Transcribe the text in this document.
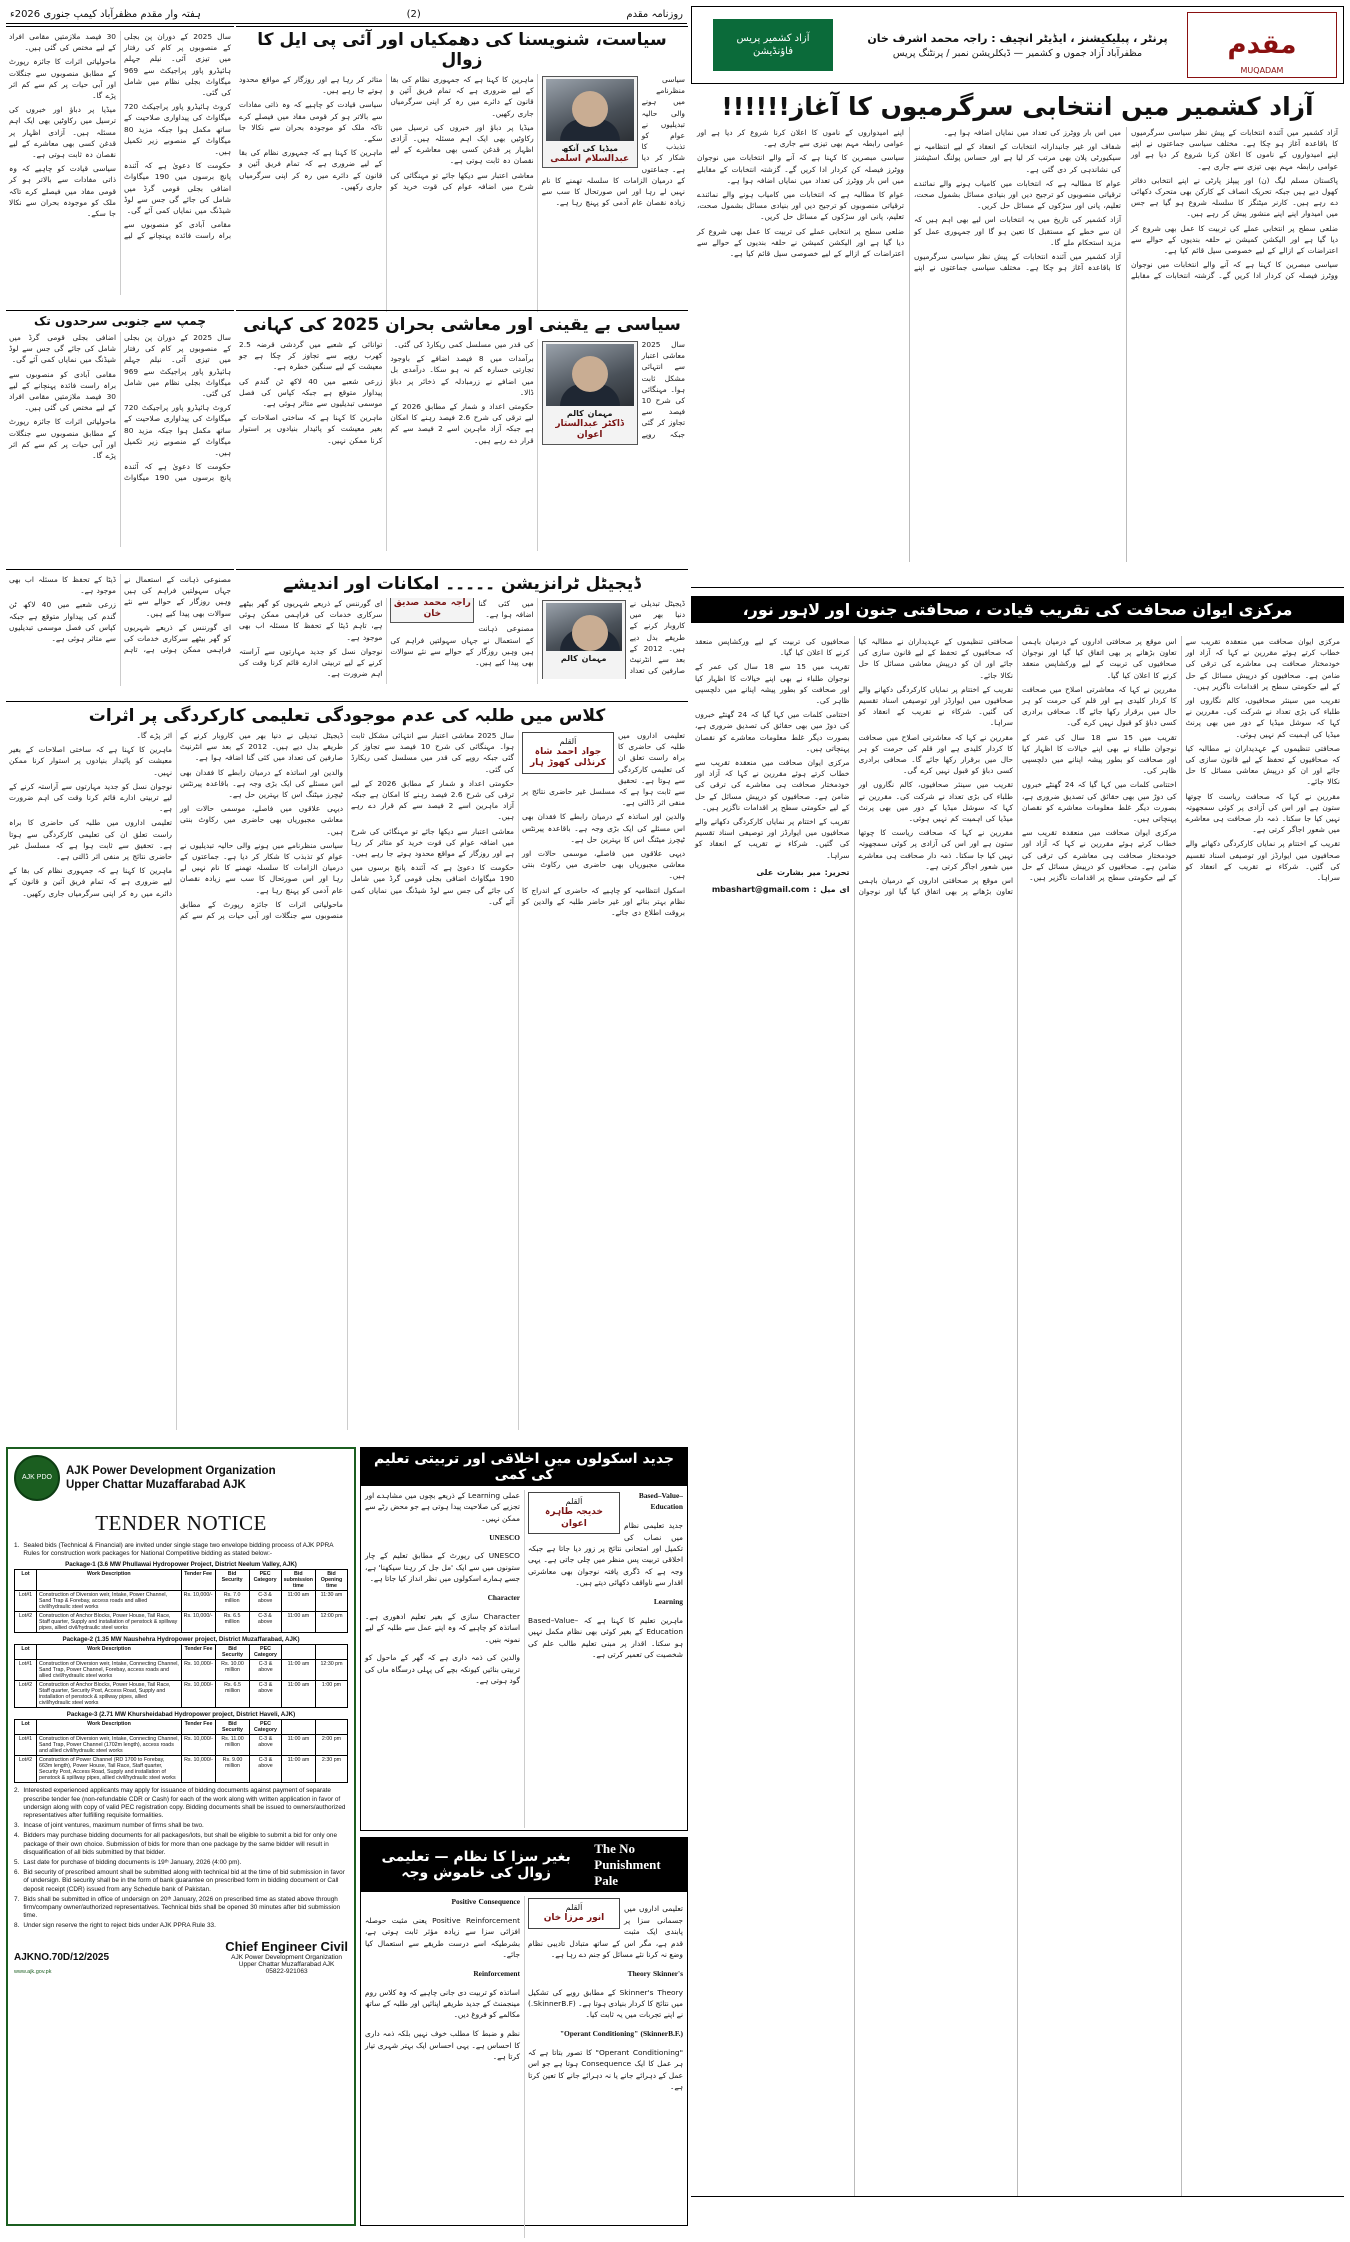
روزنامہ مقدم
(2)
ہفتہ وار مقدم مظفرآباد کیمپ جنوری 2026ء
آزاد کشمیر پریس فاؤنڈیشن
پرنٹر ، پبلیکیشنز ، ایڈیٹر انچیف : راجہ محمد اشرف خان
مظفرآباد آزاد جموں و کشمیر — ڈیکلریشن نمبر / پرنٹنگ پریس	مقدم
MUQADAM
آزاد کشمیر میں انتخابی سرگرمیوں کا آغاز!!!!!!

آزاد کشمیر میں آئندہ انتخابات کے پیش نظر سیاسی سرگرمیوں کا باقاعدہ آغاز ہو چکا ہے۔ مختلف سیاسی جماعتوں نے اپنے اپنے امیدواروں کے ناموں کا اعلان کرنا شروع کر دیا ہے اور عوامی رابطہ مہم بھی تیزی سے جاری ہے۔

پاکستان مسلم لیگ (ن) اور پیپلز پارٹی نے اپنے انتخابی دفاتر کھول دیے ہیں جبکہ تحریک انصاف کے کارکن بھی متحرک دکھائی دے رہے ہیں۔ کارنر میٹنگز کا سلسلہ شروع ہو گیا ہے جس میں امیدوار اپنے اپنے منشور پیش کر رہے ہیں۔

ضلعی سطح پر انتخابی عملے کی تربیت کا عمل بھی شروع کر دیا گیا ہے اور الیکشن کمیشن نے حلقہ بندیوں کے حوالے سے اعتراضات کے ازالے کے لیے خصوصی سیل قائم کیا ہے۔

سیاسی مبصرین کا کہنا ہے کہ آنے والے انتخابات میں نوجوان ووٹرز فیصلہ کن کردار ادا کریں گے۔ گزشتہ انتخابات کے مقابلے میں اس بار ووٹرز کی تعداد میں نمایاں اضافہ ہوا ہے۔

شفاف اور غیر جانبدارانہ انتخابات کے انعقاد کے لیے انتظامیہ نے سیکیورٹی پلان بھی مرتب کر لیا ہے اور حساس پولنگ اسٹیشنز کی نشاندہی کر دی گئی ہے۔

عوام کا مطالبہ ہے کہ انتخابات میں کامیاب ہونے والے نمائندے ترقیاتی منصوبوں کو ترجیح دیں اور بنیادی مسائل بشمول صحت، تعلیم، پانی اور سڑکوں کے مسائل حل کریں۔

آزاد کشمیر کی تاریخ میں یہ انتخابات اس لیے بھی اہم ہیں کہ ان سے خطے کے مستقبل کا تعین ہو گا اور جمہوری عمل کو مزید استحکام ملے گا۔

آزاد کشمیر میں آئندہ انتخابات کے پیش نظر سیاسی سرگرمیوں کا باقاعدہ آغاز ہو چکا ہے۔ مختلف سیاسی جماعتوں نے اپنے اپنے امیدواروں کے ناموں کا اعلان کرنا شروع کر دیا ہے اور عوامی رابطہ مہم بھی تیزی سے جاری ہے۔

سیاسی مبصرین کا کہنا ہے کہ آنے والے انتخابات میں نوجوان ووٹرز فیصلہ کن کردار ادا کریں گے۔ گزشتہ انتخابات کے مقابلے میں اس بار ووٹرز کی تعداد میں نمایاں اضافہ ہوا ہے۔

عوام کا مطالبہ ہے کہ انتخابات میں کامیاب ہونے والے نمائندے ترقیاتی منصوبوں کو ترجیح دیں اور بنیادی مسائل بشمول صحت، تعلیم، پانی اور سڑکوں کے مسائل حل کریں۔

ضلعی سطح پر انتخابی عملے کی تربیت کا عمل بھی شروع کر دیا گیا ہے اور الیکشن کمیشن نے حلقہ بندیوں کے حوالے سے اعتراضات کے ازالے کے لیے خصوصی سیل قائم کیا ہے۔

مرکزی ایوان صحافت کی تقریب قیادت ، صحافتی جنون اور لاہور نور،

مرکزی ایوان صحافت میں منعقدہ تقریب سے خطاب کرتے ہوئے مقررین نے کہا کہ آزاد اور خودمختار صحافت ہی معاشرے کی ترقی کی ضامن ہے۔ صحافیوں کو درپیش مسائل کے حل کے لیے حکومتی سطح پر اقدامات ناگزیر ہیں۔

تقریب میں سینئر صحافیوں، کالم نگاروں اور طلباء کی بڑی تعداد نے شرکت کی۔ مقررین نے کہا کہ سوشل میڈیا کے دور میں بھی پرنٹ میڈیا کی اہمیت کم نہیں ہوئی۔

صحافتی تنظیموں کے عہدیداران نے مطالبہ کیا کہ صحافیوں کے تحفظ کے لیے قانون سازی کی جائے اور ان کو درپیش معاشی مسائل کا حل نکالا جائے۔

مقررین نے کہا کہ صحافت ریاست کا چوتھا ستون ہے اور اس کی آزادی پر کوئی سمجھوتہ نہیں کیا جا سکتا۔ ذمہ دار صحافت ہی معاشرے میں شعور اجاگر کرتی ہے۔

تقریب کے اختتام پر نمایاں کارکردگی دکھانے والے صحافیوں میں ایوارڈز اور توصیفی اسناد تقسیم کی گئیں۔ شرکاء نے تقریب کے انعقاد کو سراہا۔

اس موقع پر صحافتی اداروں کے درمیان باہمی تعاون بڑھانے پر بھی اتفاق کیا گیا اور نوجوان صحافیوں کی تربیت کے لیے ورکشاپس منعقد کرنے کا اعلان کیا گیا۔

مقررین نے کہا کہ معاشرتی اصلاح میں صحافت کا کردار کلیدی ہے اور قلم کی حرمت کو ہر حال میں برقرار رکھا جائے گا۔ صحافی برادری کسی دباؤ کو قبول نہیں کرے گی۔

تقریب میں 15 سے 18 سال کی عمر کے نوجوان طلباء نے بھی اپنے خیالات کا اظہار کیا اور صحافت کو بطور پیشہ اپنانے میں دلچسپی ظاہر کی۔

اختتامی کلمات میں کہا گیا کہ 24 گھنٹے خبروں کی دوڑ میں بھی حقائق کی تصدیق ضروری ہے، بصورت دیگر غلط معلومات معاشرے کو نقصان پہنچاتی ہیں۔

مرکزی ایوان صحافت میں منعقدہ تقریب سے خطاب کرتے ہوئے مقررین نے کہا کہ آزاد اور خودمختار صحافت ہی معاشرے کی ترقی کی ضامن ہے۔ صحافیوں کو درپیش مسائل کے حل کے لیے حکومتی سطح پر اقدامات ناگزیر ہیں۔

صحافتی تنظیموں کے عہدیداران نے مطالبہ کیا کہ صحافیوں کے تحفظ کے لیے قانون سازی کی جائے اور ان کو درپیش معاشی مسائل کا حل نکالا جائے۔

تقریب کے اختتام پر نمایاں کارکردگی دکھانے والے صحافیوں میں ایوارڈز اور توصیفی اسناد تقسیم کی گئیں۔ شرکاء نے تقریب کے انعقاد کو سراہا۔

مقررین نے کہا کہ معاشرتی اصلاح میں صحافت کا کردار کلیدی ہے اور قلم کی حرمت کو ہر حال میں برقرار رکھا جائے گا۔ صحافی برادری کسی دباؤ کو قبول نہیں کرے گی۔

تقریب میں سینئر صحافیوں، کالم نگاروں اور طلباء کی بڑی تعداد نے شرکت کی۔ مقررین نے کہا کہ سوشل میڈیا کے دور میں بھی پرنٹ میڈیا کی اہمیت کم نہیں ہوئی۔

مقررین نے کہا کہ صحافت ریاست کا چوتھا ستون ہے اور اس کی آزادی پر کوئی سمجھوتہ نہیں کیا جا سکتا۔ ذمہ دار صحافت ہی معاشرے میں شعور اجاگر کرتی ہے۔

اس موقع پر صحافتی اداروں کے درمیان باہمی تعاون بڑھانے پر بھی اتفاق کیا گیا اور نوجوان صحافیوں کی تربیت کے لیے ورکشاپس منعقد کرنے کا اعلان کیا گیا۔

تقریب میں 15 سے 18 سال کی عمر کے نوجوان طلباء نے بھی اپنے خیالات کا اظہار کیا اور صحافت کو بطور پیشہ اپنانے میں دلچسپی ظاہر کی۔

اختتامی کلمات میں کہا گیا کہ 24 گھنٹے خبروں کی دوڑ میں بھی حقائق کی تصدیق ضروری ہے، بصورت دیگر غلط معلومات معاشرے کو نقصان پہنچاتی ہیں۔

مرکزی ایوان صحافت میں منعقدہ تقریب سے خطاب کرتے ہوئے مقررین نے کہا کہ آزاد اور خودمختار صحافت ہی معاشرے کی ترقی کی ضامن ہے۔ صحافیوں کو درپیش مسائل کے حل کے لیے حکومتی سطح پر اقدامات ناگزیر ہیں۔

تقریب کے اختتام پر نمایاں کارکردگی دکھانے والے صحافیوں میں ایوارڈز اور توصیفی اسناد تقسیم کی گئیں۔ شرکاء نے تقریب کے انعقاد کو سراہا۔

تحریر: میر بشارت علی
ای میل : mbashart@gmail.com
سیاست، شنویسنا کی دھمکیاں اور آئی پی ایل کا زوال
میڈیا کی آنکھ
عبدالسلام اسلمی

سیاسی منظرنامے میں ہونے والی حالیہ تبدیلیوں نے عوام کو تذبذب کا شکار کر دیا ہے۔ جماعتوں کے درمیان الزامات کا سلسلہ تھمنے کا نام نہیں لے رہا اور اس صورتحال کا سب سے زیادہ نقصان عام آدمی کو پہنچ رہا ہے۔

ماہرین کا کہنا ہے کہ جمہوری نظام کی بقا کے لیے ضروری ہے کہ تمام فریق آئین و قانون کے دائرے میں رہ کر اپنی سرگرمیاں جاری رکھیں۔

میڈیا پر دباؤ اور خبروں کی ترسیل میں رکاوٹیں بھی ایک اہم مسئلہ ہیں۔ آزادی اظہار پر قدغن کسی بھی معاشرے کے لیے نقصان دہ ثابت ہوتی ہے۔

معاشی اعتبار سے دیکھا جائے تو مہنگائی کی شرح میں اضافہ عوام کی قوت خرید کو متاثر کر رہا ہے اور روزگار کے مواقع محدود ہوتے جا رہے ہیں۔

سیاسی قیادت کو چاہیے کہ وہ ذاتی مفادات سے بالاتر ہو کر قومی مفاد میں فیصلے کرے تاکہ ملک کو موجودہ بحران سے نکالا جا سکے۔

ماہرین کا کہنا ہے کہ جمہوری نظام کی بقا کے لیے ضروری ہے کہ تمام فریق آئین و قانون کے دائرے میں رہ کر اپنی سرگرمیاں جاری رکھیں۔

سال 2025 کے دوران پن بجلی کے منصوبوں پر کام کی رفتار میں تیزی آئی۔ نیلم جہلم ہائیڈرو پاور پراجیکٹ سے 969 میگاواٹ بجلی نظام میں شامل کی گئی۔

کروٹ ہائیڈرو پاور پراجیکٹ 720 میگاواٹ کی پیداواری صلاحیت کے ساتھ مکمل ہوا جبکہ مزید 80 میگاواٹ کے منصوبے زیر تکمیل ہیں۔

حکومت کا دعویٰ ہے کہ آئندہ پانچ برسوں میں 190 میگاواٹ اضافی بجلی قومی گرڈ میں شامل کی جائے گی جس سے لوڈ شیڈنگ میں نمایاں کمی آئے گی۔

مقامی آبادی کو منصوبوں سے براہ راست فائدہ پہنچانے کے لیے 30 فیصد ملازمتیں مقامی افراد کے لیے مختص کی گئی ہیں۔

ماحولیاتی اثرات کا جائزہ رپورٹ کے مطابق منصوبوں سے جنگلات اور آبی حیات پر کم سے کم اثر پڑے گا۔

میڈیا پر دباؤ اور خبروں کی ترسیل میں رکاوٹیں بھی ایک اہم مسئلہ ہیں۔ آزادی اظہار پر قدغن کسی بھی معاشرے کے لیے نقصان دہ ثابت ہوتی ہے۔

سیاسی قیادت کو چاہیے کہ وہ ذاتی مفادات سے بالاتر ہو کر قومی مفاد میں فیصلے کرے تاکہ ملک کو موجودہ بحران سے نکالا جا سکے۔

سیاسی بے یقینی اور معاشی بحران 2025 کی کہانی
مہمان کالم
ڈاکٹر عبدالستار اعوان

سال 2025 معاشی اعتبار سے انتہائی مشکل ثابت ہوا۔ مہنگائی کی شرح 10 فیصد سے تجاوز کر گئی جبکہ روپے کی قدر میں مسلسل کمی ریکارڈ کی گئی۔

برآمدات میں 8 فیصد اضافے کے باوجود تجارتی خسارہ کم نہ ہو سکا۔ درآمدی بل میں اضافے نے زرمبادلہ کے ذخائر پر دباؤ ڈالا۔

حکومتی اعداد و شمار کے مطابق 2026 کے لیے ترقی کی شرح 2.6 فیصد رہنے کا امکان ہے جبکہ آزاد ماہرین اسے 2 فیصد سے کم قرار دے رہے ہیں۔

توانائی کے شعبے میں گردشی قرضہ 2.5 کھرب روپے سے تجاوز کر چکا ہے جو معیشت کے لیے سنگین خطرہ ہے۔

زرعی شعبے میں 40 لاکھ ٹن گندم کی پیداوار متوقع ہے جبکہ کپاس کی فصل موسمی تبدیلیوں سے متاثر ہوئی ہے۔

ماہرین کا کہنا ہے کہ ساختی اصلاحات کے بغیر معیشت کو پائیدار بنیادوں پر استوار کرنا ممکن نہیں۔

چمپ سے جنوبی سرحدوں تک

سال 2025 کے دوران پن بجلی کے منصوبوں پر کام کی رفتار میں تیزی آئی۔ نیلم جہلم ہائیڈرو پاور پراجیکٹ سے 969 میگاواٹ بجلی نظام میں شامل کی گئی۔

کروٹ ہائیڈرو پاور پراجیکٹ 720 میگاواٹ کی پیداواری صلاحیت کے ساتھ مکمل ہوا جبکہ مزید 80 میگاواٹ کے منصوبے زیر تکمیل ہیں۔

حکومت کا دعویٰ ہے کہ آئندہ پانچ برسوں میں 190 میگاواٹ اضافی بجلی قومی گرڈ میں شامل کی جائے گی جس سے لوڈ شیڈنگ میں نمایاں کمی آئے گی۔

مقامی آبادی کو منصوبوں سے براہ راست فائدہ پہنچانے کے لیے 30 فیصد ملازمتیں مقامی افراد کے لیے مختص کی گئی ہیں۔

ماحولیاتی اثرات کا جائزہ رپورٹ کے مطابق منصوبوں سے جنگلات اور آبی حیات پر کم سے کم اثر پڑے گا۔

ڈیجیٹل ٹرانزیشن ۔۔۔۔۔ امکانات اور اندیشے
مہمان کالم
راجہ محمد صدیق خان

ڈیجیٹل تبدیلی نے دنیا بھر میں کاروبار کرنے کے طریقے بدل دیے ہیں۔ 2012 کے بعد سے انٹرنیٹ صارفین کی تعداد میں کئی گنا اضافہ ہوا ہے۔

مصنوعی ذہانت کے استعمال نے جہاں سہولتیں فراہم کی ہیں وہیں روزگار کے حوالے سے نئے سوالات بھی پیدا کیے ہیں۔

ای گورننس کے ذریعے شہریوں کو گھر بیٹھے سرکاری خدمات کی فراہمی ممکن ہوئی ہے، تاہم ڈیٹا کے تحفظ کا مسئلہ اب بھی موجود ہے۔

نوجوان نسل کو جدید مہارتوں سے آراستہ کرنے کے لیے تربیتی ادارے قائم کرنا وقت کی اہم ضرورت ہے۔

مصنوعی ذہانت کے استعمال نے جہاں سہولتیں فراہم کی ہیں وہیں روزگار کے حوالے سے نئے سوالات بھی پیدا کیے ہیں۔

ای گورننس کے ذریعے شہریوں کو گھر بیٹھے سرکاری خدمات کی فراہمی ممکن ہوئی ہے، تاہم ڈیٹا کے تحفظ کا مسئلہ اب بھی موجود ہے۔

زرعی شعبے میں 40 لاکھ ٹن گندم کی پیداوار متوقع ہے جبکہ کپاس کی فصل موسمی تبدیلیوں سے متاثر ہوئی ہے۔

کلاس میں طلبہ کی عدم موجودگی تعلیمی کارکردگی پر اثرات
اَلقلم
جواد احمد شاہ کرنڈلی کھوڑ ہار

تعلیمی اداروں میں طلبہ کی حاضری کا براہ راست تعلق ان کی تعلیمی کارکردگی سے ہوتا ہے۔ تحقیق سے ثابت ہوا ہے کہ مسلسل غیر حاضری نتائج پر منفی اثر ڈالتی ہے۔

والدین اور اساتذہ کے درمیان رابطے کا فقدان بھی اس مسئلے کی ایک بڑی وجہ ہے۔ باقاعدہ پیرنٹس ٹیچرز میٹنگ اس کا بہترین حل ہے۔

دیہی علاقوں میں فاصلے، موسمی حالات اور معاشی مجبوریاں بھی حاضری میں رکاوٹ بنتی ہیں۔

اسکول انتظامیہ کو چاہیے کہ حاضری کے اندراج کا نظام بہتر بنائے اور غیر حاضر طلبہ کے والدین کو بروقت اطلاع دی جائے۔

سال 2025 معاشی اعتبار سے انتہائی مشکل ثابت ہوا۔ مہنگائی کی شرح 10 فیصد سے تجاوز کر گئی جبکہ روپے کی قدر میں مسلسل کمی ریکارڈ کی گئی۔

حکومتی اعداد و شمار کے مطابق 2026 کے لیے ترقی کی شرح 2.6 فیصد رہنے کا امکان ہے جبکہ آزاد ماہرین اسے 2 فیصد سے کم قرار دے رہے ہیں۔

معاشی اعتبار سے دیکھا جائے تو مہنگائی کی شرح میں اضافہ عوام کی قوت خرید کو متاثر کر رہا ہے اور روزگار کے مواقع محدود ہوتے جا رہے ہیں۔

حکومت کا دعویٰ ہے کہ آئندہ پانچ برسوں میں 190 میگاواٹ اضافی بجلی قومی گرڈ میں شامل کی جائے گی جس سے لوڈ شیڈنگ میں نمایاں کمی آئے گی۔

ڈیجیٹل تبدیلی نے دنیا بھر میں کاروبار کرنے کے طریقے بدل دیے ہیں۔ 2012 کے بعد سے انٹرنیٹ صارفین کی تعداد میں کئی گنا اضافہ ہوا ہے۔

والدین اور اساتذہ کے درمیان رابطے کا فقدان بھی اس مسئلے کی ایک بڑی وجہ ہے۔ باقاعدہ پیرنٹس ٹیچرز میٹنگ اس کا بہترین حل ہے۔

دیہی علاقوں میں فاصلے، موسمی حالات اور معاشی مجبوریاں بھی حاضری میں رکاوٹ بنتی ہیں۔

سیاسی منظرنامے میں ہونے والی حالیہ تبدیلیوں نے عوام کو تذبذب کا شکار کر دیا ہے۔ جماعتوں کے درمیان الزامات کا سلسلہ تھمنے کا نام نہیں لے رہا اور اس صورتحال کا سب سے زیادہ نقصان عام آدمی کو پہنچ رہا ہے۔

ماحولیاتی اثرات کا جائزہ رپورٹ کے مطابق منصوبوں سے جنگلات اور آبی حیات پر کم سے کم اثر پڑے گا۔

ماہرین کا کہنا ہے کہ ساختی اصلاحات کے بغیر معیشت کو پائیدار بنیادوں پر استوار کرنا ممکن نہیں۔

نوجوان نسل کو جدید مہارتوں سے آراستہ کرنے کے لیے تربیتی ادارے قائم کرنا وقت کی اہم ضرورت ہے۔

تعلیمی اداروں میں طلبہ کی حاضری کا براہ راست تعلق ان کی تعلیمی کارکردگی سے ہوتا ہے۔ تحقیق سے ثابت ہوا ہے کہ مسلسل غیر حاضری نتائج پر منفی اثر ڈالتی ہے۔

ماہرین کا کہنا ہے کہ جمہوری نظام کی بقا کے لیے ضروری ہے کہ تمام فریق آئین و قانون کے دائرے میں رہ کر اپنی سرگرمیاں جاری رکھیں۔

جدید اسکولوں میں اخلاقی اور تربیتی تعلیم کی کمی
اَلقلم
خدیجہ طاہرہ اعوان

Based–Value–Education

جدید تعلیمی نظام میں نصاب کی تکمیل اور امتحانی نتائج پر زور دیا جاتا ہے جبکہ اخلاقی تربیت پس منظر میں چلی جاتی ہے۔ یہی وجہ ہے کہ ڈگری یافتہ نوجوان بھی معاشرتی اقدار سے ناواقف دکھائی دیتے ہیں۔

Learning

ماہرین تعلیم کا کہنا ہے کہ Based–Value–Education کے بغیر کوئی بھی نظام مکمل نہیں ہو سکتا۔ اقدار پر مبنی تعلیم طالب علم کی شخصیت کی تعمیر کرتی ہے۔

عملی Learning کے ذریعے بچوں میں مشاہدے اور تجزیے کی صلاحیت پیدا ہوتی ہے جو محض رٹے سے ممکن نہیں۔

UNESCO

UNESCO کی رپورٹ کے مطابق تعلیم کے چار ستونوں میں سے ایک 'مل جل کر رہنا سیکھنا' ہے، جسے ہمارے اسکولوں میں نظر انداز کیا جاتا ہے۔

Character

Character سازی کے بغیر تعلیم ادھوری ہے۔ اساتذہ کو چاہیے کہ وہ اپنے عمل سے طلبہ کے لیے نمونہ بنیں۔

والدین کی ذمہ داری ہے کہ گھر کے ماحول کو تربیتی بنائیں کیونکہ بچے کی پہلی درسگاہ ماں کی گود ہوتی ہے۔

The No Punishment Pale
بغیر سزا کا نظام — تعلیمی زوال کی خاموش وجہ
اَلقلم
انور مرزا خان

تعلیمی اداروں میں جسمانی سزا پر پابندی ایک مثبت قدم ہے، مگر اس کے ساتھ متبادل تادیبی نظام وضع نہ کرنا نئے مسائل کو جنم دے رہا ہے۔

Skinner's

Theory

Skinner's Theory کے مطابق رویے کی تشکیل میں نتائج کا کردار بنیادی ہوتا ہے۔ (SkinnerB.F.) نے اپنے تجربات میں یہ ثابت کیا۔

(SkinnerB.F.)

"Operant Conditioning"

"Operant Conditioning" کا تصور بتاتا ہے کہ ہر عمل کا ایک Consequence ہوتا ہے جو اس عمل کے دہرائے جانے یا نہ دہرائے جانے کا تعین کرتا ہے۔

Consequence

Positive

Positive Reinforcement یعنی مثبت حوصلہ افزائی سزا سے زیادہ مؤثر ثابت ہوتی ہے، بشرطیکہ اسے درست طریقے سے استعمال کیا جائے۔

Reinforcement

اساتذہ کو تربیت دی جانی چاہیے کہ وہ کلاس روم مینجمنٹ کے جدید طریقے اپنائیں اور طلبہ کے ساتھ مکالمے کو فروغ دیں۔

نظم و ضبط کا مطلب خوف نہیں بلکہ ذمہ داری کا احساس ہے۔ یہی احساس ایک بہتر شہری تیار کرتا ہے۔

AJK PDO
AJK Power Development Organization
Upper Chattar Muzaffarabad AJK
TENDER NOTICE

1. Sealed bids (Technical & Financial) are invited under single stage two envelope bidding process of AJK PPRA Rules for construction work packages for National Competitive bidding as stated below:-

Package-1 (3.6 MW Phullawai Hydropower Project, District Neelum Valley, AJK)
Lot	Work Description	Tender Fee	Bid Security	PEC Category	Bid submission time	Bid Opening time
Lot#1	Construction of Diversion weir, Intake, Power Channel, Sand Trap & Forebay, access roads and allied civil/hydraulic steel works	Rs. 10,000/-	Rs. 7.0 million	C-3 & above	11:00 am	11:30 am
Lot#2	Construction of Anchor Blocks, Power House, Tail Race, Staff quarter, Supply and installation of penstock & spillway pipes, allied civil/hydraulic steel works	Rs. 10,000/-	Rs. 6.5 million	C-3 & above	11:00 am	12:00 pm
Package-2 (1.35 MW Naushehra Hydropower project, District Muzaffarabad, AJK)
Lot	Work Description	Tender Fee	Bid Security	PEC Category		
Lot#1	Construction of Diversion weir, Intake, Connecting Channel, Sand Trap, Power Channel, Forebay, access roads and allied civil/hydraulic steel works	Rs. 10,000/-	Rs. 10.00 million	C-3 & above	11:00 am	12:30 pm
Lot#2	Construction of Anchor Blocks, Power House, Tail Race, Staff quarter, Security Post, Access Road, Supply and installation of penstock & spillway pipes, allied civil/hydraulic steel works	Rs. 10,000/-	Rs. 6.5 million	C-3 & above	11:00 am	1:00 pm
Package-3 (2.71 MW Khursheidabad Hydropower project, District Haveli, AJK)
Lot	Work Description	Tender Fee	Bid Security	PEC Category		
Lot#1	Construction of Diversion weir, Intake, Connecting Channel, Sand Trap, Power Channel (1702m length), access roads and allied civil/hydraulic steel works	Rs. 10,000/-	Rs. 11.00 million	C-3 & above	11:00 am	2:00 pm
Lot#2	Construction of Power Channel (RD 1700 to Forebay, 663m length), Power House, Tail Race, Staff quarter, Security Post, Access Road, Supply and installation of penstock & spillway pipes, allied civil/hydraulic steel works	Rs. 10,000/-	Rs. 9.00 million	C-3 & above	11:00 am	2:30 pm

2. Interested experienced applicants may apply for issuance of bidding documents against payment of separate prescribe tender fee (non-refundable CDR or Cash) for each of the work along with written application in favor of undersign along with copy of valid PEC registration copy. Bidding documents shall be issued to owners/authorized representatives after fulfilling requisite formalities.

3. Incase of joint ventures, maximum number of firms shall be two.

4. Bidders may purchase bidding documents for all packages/lots, but shall be eligible to submit a bid for only one package of their own choice. Submission of bids for more than one package by the same bidder will result in disqualification of all bids submitted by that bidder.

5. Last date for purchase of bidding documents is 19ᵗʰ January, 2026 (4:00 pm).

6. Bid security of prescribed amount shall be submitted along with technical bid at the time of bid submission in favor of undersign. Bid security shall be in the form of bank guarantee on prescribed form in bidding document or Call deposit receipt (CDR) issued from any Schedule bank of Pakistan.

7. Bids shall be submitted in office of undersign on 20ᵗʰ January, 2026 on prescribed time as stated above through firm/company owner/authorized representatives. Technical bids shall be opened 30 minutes after bid submission time.

8. Under sign reserve the right to reject bids under AJK PPRA Rule 33.

AJKNO.70D/12/2025
www.ajk.gov.pk
Chief Engineer Civil
AJK Power Development Organization
Upper Chattar Muzaffarabad AJK
05822-921063
